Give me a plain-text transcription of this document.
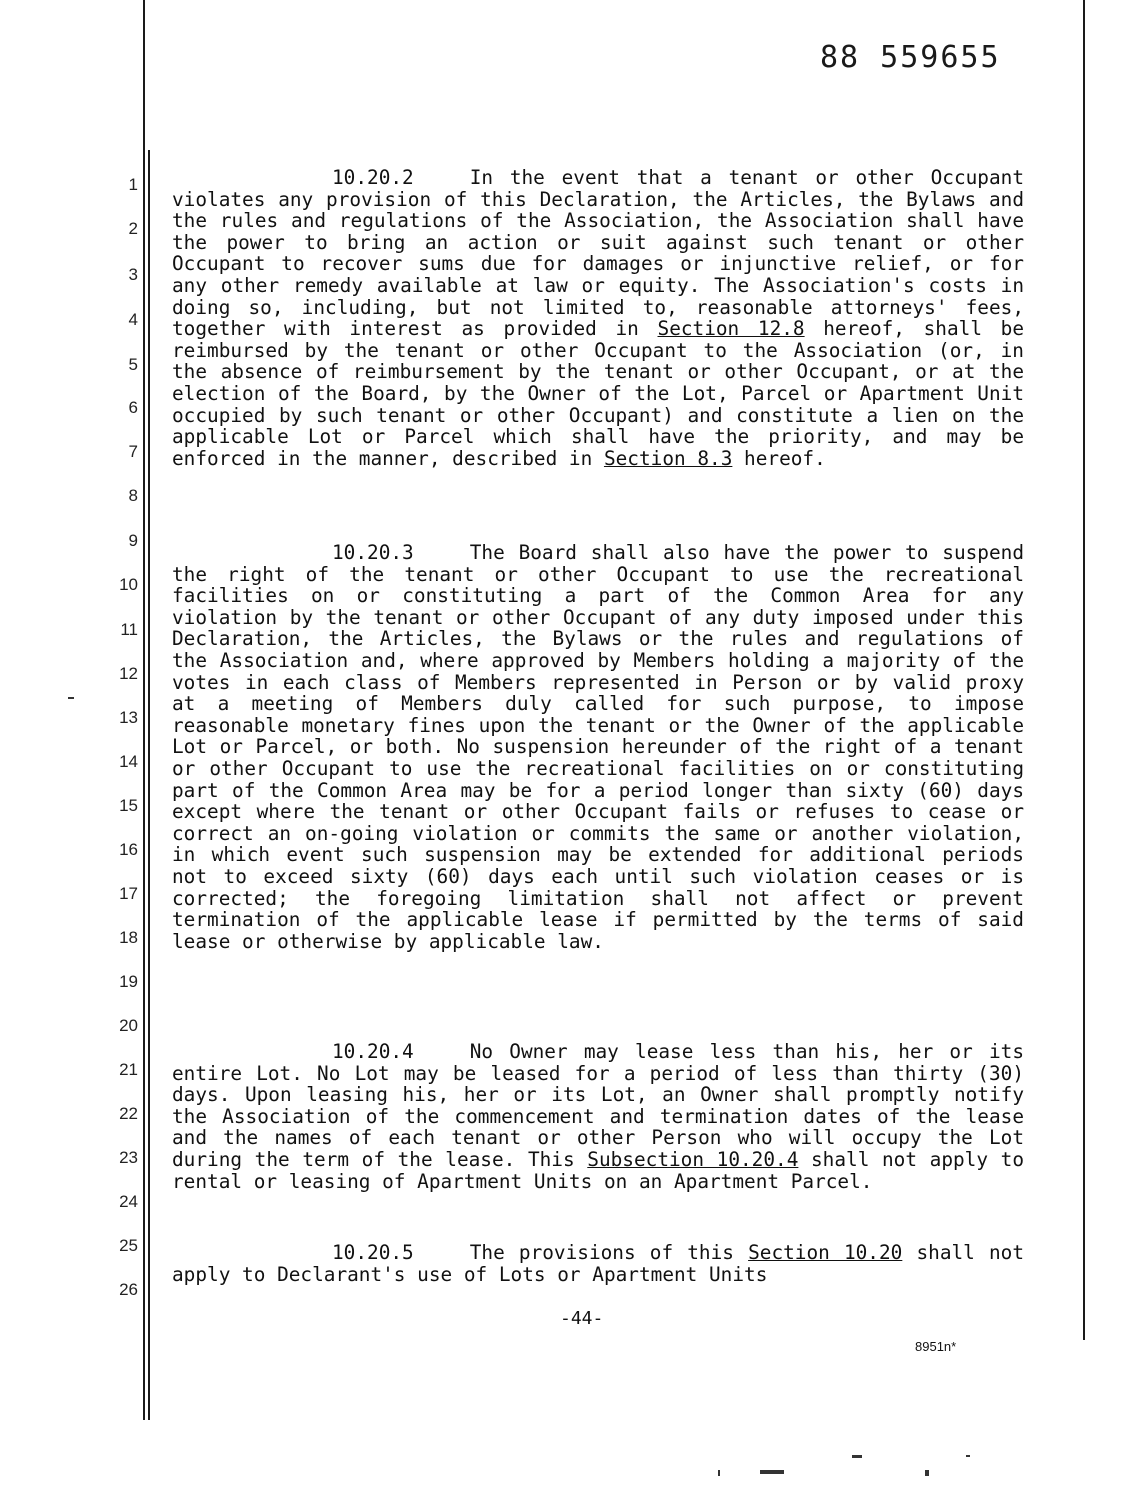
88 559655
1
2
3
4
5
6
7
8
9
10
11
12
13
14
15
16
17
18
19
20
21
22
23
24
25
26

10.20.2	In the event that a tenant or other Occupant violates any provision of this Declaration, the Articles, the Bylaws and the rules and regulations of the Association, the Association shall have the power to bring an action or suit against such tenant or other Occupant to recover sums due for damages or injunctive relief, or for any other remedy available at law or equity. The Association's costs in doing so, including, but not limited to, reasonable attorneys' fees, together with interest as provided in Section 12.8 hereof, shall be reimbursed by the tenant or other Occupant to the Association (or, in the absence of reimbursement by the tenant or other Occupant, or at the election of the Board, by the Owner of the Lot, Parcel or Apartment Unit occupied by such tenant or other Occupant) and constitute a lien on the applicable Lot or Parcel which shall have the priority, and may be enforced in the manner, described in Section 8.3 hereof.

10.20.3	The Board shall also have the power to suspend the right of the tenant or other Occupant to use the recreational facilities on or constituting a part of the Common Area for any violation by the tenant or other Occupant of any duty imposed under this Declaration, the Articles, the Bylaws or the rules and regulations of the Association and, where approved by Members holding a majority of the votes in each class of Members represented in Person or by valid proxy at a meeting of Members duly called for such purpose, to impose reasonable monetary fines upon the tenant or the Owner of the applicable Lot or Parcel, or both. No suspension hereunder of the right of a tenant or other Occupant to use the recreational facilities on or constituting part of the Common Area may be for a period longer than sixty (60) days except where the tenant or other Occupant fails or refuses to cease or correct an on-going violation or commits the same or another violation, in which event such suspension may be extended for additional periods not to exceed sixty (60) days each until such violation ceases or is corrected; the foregoing limitation shall not affect or prevent termination of the applicable lease if permitted by the terms of said lease or otherwise by applicable law.

10.20.4	No Owner may lease less than his, her or its entire Lot. No Lot may be leased for a period of less than thirty (30) days. Upon leasing his, her or its Lot, an Owner shall promptly notify the Association of the commencement and termination dates of the lease and the names of each tenant or other Person who will occupy the Lot during the term of the lease. This Subsection 10.20.4 shall not apply to rental or leasing of Apartment Units on an Apartment Parcel.

10.20.5	The provisions of this Section 10.20 shall not apply to Declarant's use of Lots or Apartment Units

-44-
8951n*
